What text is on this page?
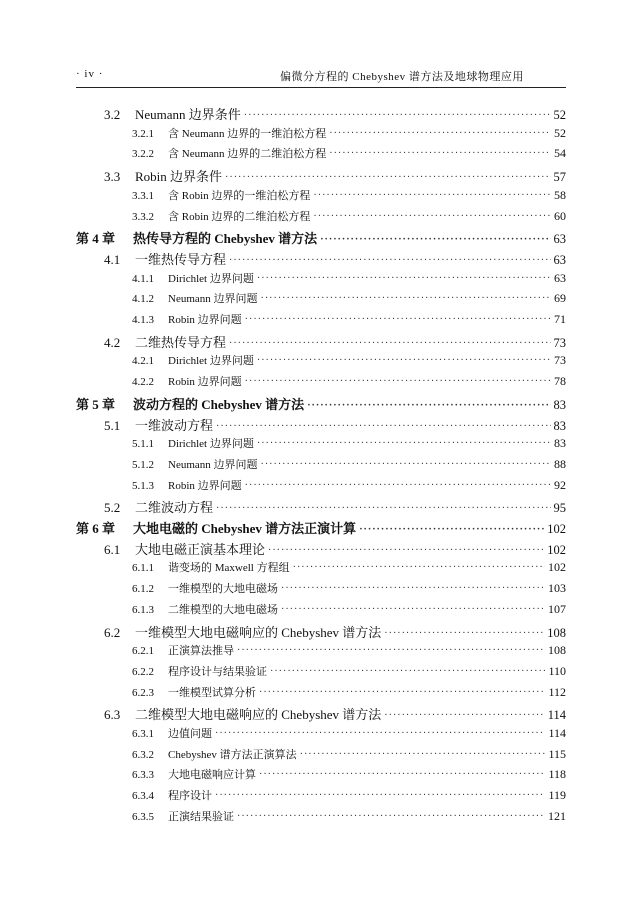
· iv ·	偏微分方程的 Chebyshev 谱方法及地球物理应用
3.2	Neumann 边界条件 ·····	52
3.2.1	含 Neumann 边界的一维泊松方程 ·····	52
3.2.2	含 Neumann 边界的二维泊松方程 ·····	54
3.3	Robin 边界条件 ·····	57
3.3.1	含 Robin 边界的一维泊松方程 ·····	58
3.3.2	含 Robin 边界的二维泊松方程 ·····	60
第 4 章	热传导方程的 Chebyshev 谱方法 ·····	63
4.1	一维热传导方程 ·····	63
4.1.1	Dirichlet 边界问题 ·····	63
4.1.2	Neumann 边界问题 ·····	69
4.1.3	Robin 边界问题 ·····	71
4.2	二维热传导方程 ·····	73
4.2.1	Dirichlet 边界问题 ·····	73
4.2.2	Robin 边界问题 ·····	78
第 5 章	波动方程的 Chebyshev 谱方法 ·····	83
5.1	一维波动方程 ·····	83
5.1.1	Dirichlet 边界问题 ·····	83
5.1.2	Neumann 边界问题 ·····	88
5.1.3	Robin 边界问题 ·····	92
5.2	二维波动方程 ·····	95
第 6 章	大地电磁的 Chebyshev 谱方法正演计算 ·····	102
6.1	大地电磁正演基本理论 ·····	102
6.1.1	谐变场的 Maxwell 方程组 ·····	102
6.1.2	一维模型的大地电磁场 ·····	103
6.1.3	二维模型的大地电磁场 ·····	107
6.2	一维模型大地电磁响应的 Chebyshev 谱方法 ·····	108
6.2.1	正演算法推导 ·····	108
6.2.2	程序设计与结果验证 ·····	110
6.2.3	一维模型试算分析 ·····	112
6.3	二维模型大地电磁响应的 Chebyshev 谱方法 ·····	114
6.3.1	边值问题 ·····	114
6.3.2	Chebyshev 谱方法正演算法 ·····	115
6.3.3	大地电磁响应计算 ·····	118
6.3.4	程序设计 ·····	119
6.3.5	正演结果验证 ·····	121
